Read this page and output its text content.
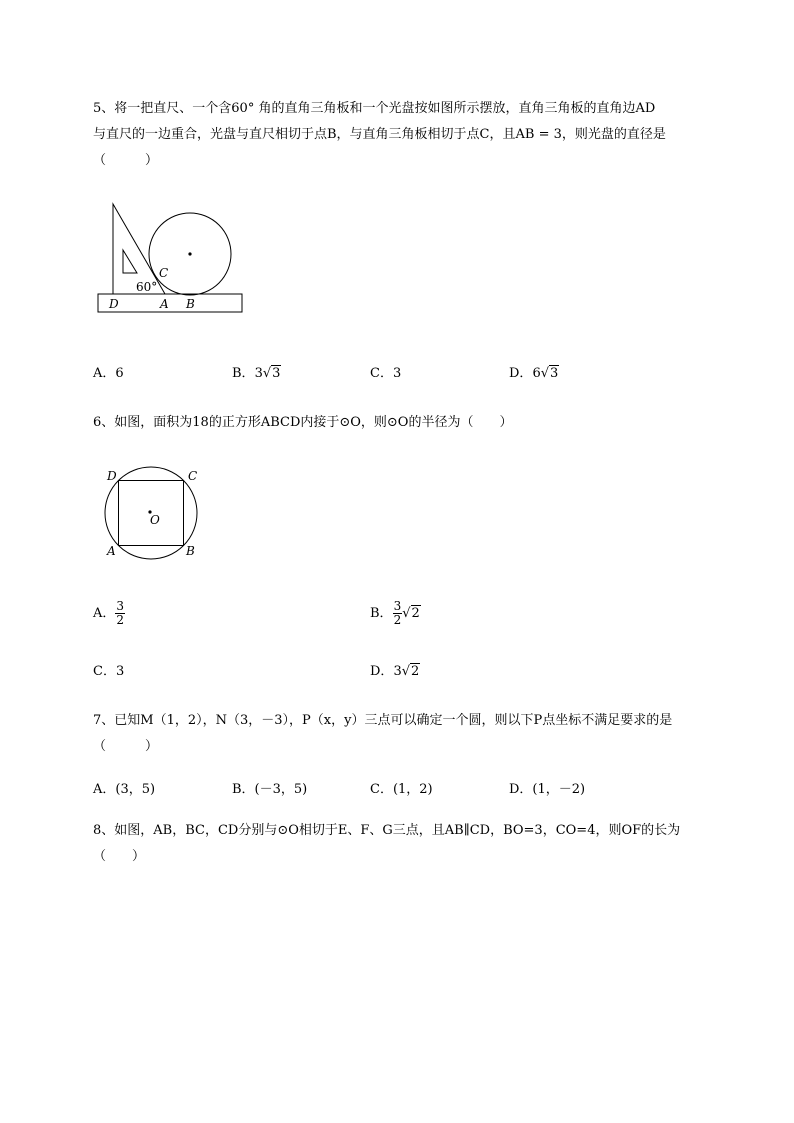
5、将一把直尺、一个含60° 角的直角三角板和一个光盘按如图所示摆放，直角三角板的直角边AD
与直尺的一边重合，光盘与直尺相切于点B，与直角三角板相切于点C，且AB = 3，则光盘的直径是
（　　　）
C
60°
D	A B
A．6	B．3√3	C．3	D．6√3
6、如图，面积为18的正方形ABCD内接于⊙O，则⊙O的半径为（　　）
D	C
O
A	B
A． $\frac{3}{2}$	B． $\frac{3}{2} √2$
C．3	D．3√2
7、已知M（1，2），N（3，－3），P（x，y）三点可以确定一个圆，则以下P点坐标不满足要求的是
（　　　）
A．(3，5)	B．(－3，5)	C．(1，2)	D．(1，－2)
8、如图，AB，BC，CD分别与⊙O相切于E、F、G三点，且AB∥CD，BO=3，CO=4，则OF的长为
（　　）
